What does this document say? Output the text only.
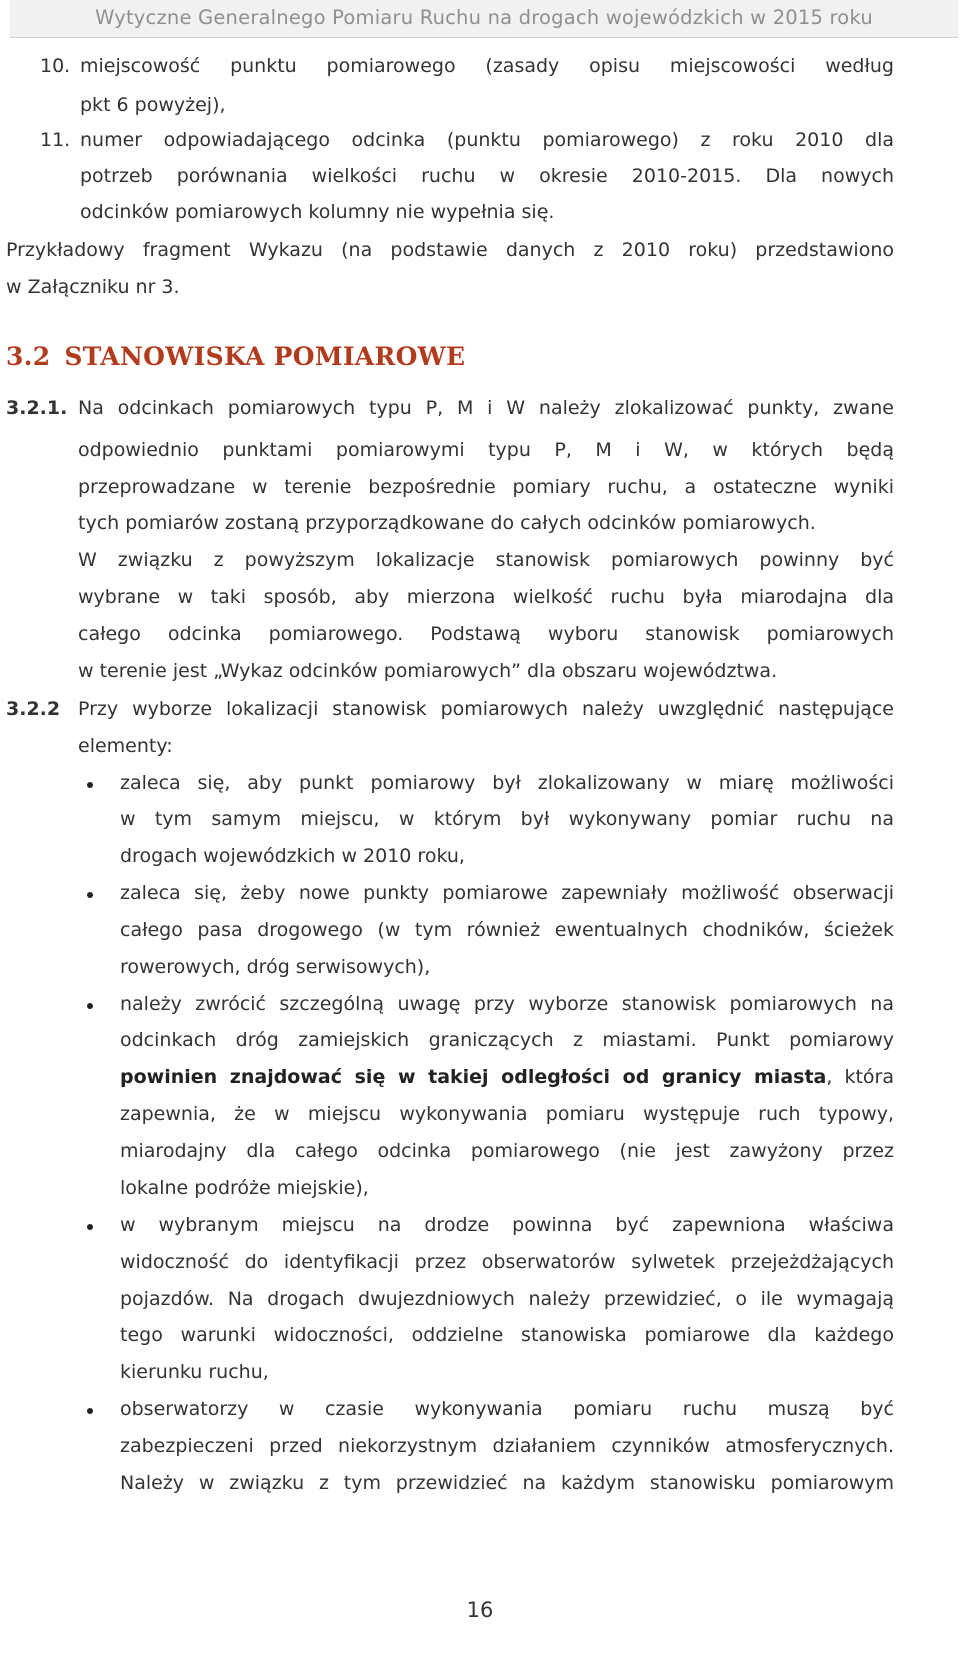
Wytyczne Generalnego Pomiaru Ruchu na drogach wojewódzkich w 2015 roku
10. miejscowość punktu pomiarowego (zasady opisu miejscowości według
pkt 6 powyżej),
11. numer odpowiadającego odcinka (punktu pomiarowego) z roku 2010 dla
potrzeb porównania wielkości ruchu w okresie 2010-2015. Dla nowych
odcinków pomiarowych kolumny nie wypełnia się.
Przykładowy fragment Wykazu (na podstawie danych z 2010 roku) przedstawiono
w Załączniku nr 3.
3.2 STANOWISKA POMIAROWE
3.2.1. Na odcinkach pomiarowych typu P, M i W należy zlokalizować punkty, zwane
odpowiednio punktami pomiarowymi typu P, M i W, w których będą
przeprowadzane w terenie bezpośrednie pomiary ruchu, a ostateczne wyniki
tych pomiarów zostaną przyporządkowane do całych odcinków pomiarowych.
W związku z powyższym lokalizacje stanowisk pomiarowych powinny być
wybrane w taki sposób, aby mierzona wielkość ruchu była miarodajna dla
całego odcinka pomiarowego. Podstawą wyboru stanowisk pomiarowych
w terenie jest „Wykaz odcinków pomiarowych” dla obszaru województwa.
3.2.2 Przy wyborze lokalizacji stanowisk pomiarowych należy uwzględnić następujące
elementy:
zaleca się, aby punkt pomiarowy był zlokalizowany w miarę możliwości
w tym samym miejscu, w którym był wykonywany pomiar ruchu na
drogach wojewódzkich w 2010 roku,
zaleca się, żeby nowe punkty pomiarowe zapewniały możliwość obserwacji
całego pasa drogowego (w tym również ewentualnych chodników, ścieżek
rowerowych, dróg serwisowych),
należy zwrócić szczególną uwagę przy wyborze stanowisk pomiarowych na
odcinkach dróg zamiejskich graniczących z miastami. Punkt pomiarowy
powinien znajdować się w takiej odległości od granicy miasta, która
zapewnia, że w miejscu wykonywania pomiaru występuje ruch typowy,
miarodajny dla całego odcinka pomiarowego (nie jest zawyżony przez
lokalne podróże miejskie),
w wybranym miejscu na drodze powinna być zapewniona właściwa
widoczność do identyfikacji przez obserwatorów sylwetek przejeżdżających
pojazdów. Na drogach dwujezdniowych należy przewidzieć, o ile wymagają
tego warunki widoczności, oddzielne stanowiska pomiarowe dla każdego
kierunku ruchu,
obserwatorzy w czasie wykonywania pomiaru ruchu muszą być
zabezpieczeni przed niekorzystnym działaniem czynników atmosferycznych.
Należy w związku z tym przewidzieć na każdym stanowisku pomiarowym
16
